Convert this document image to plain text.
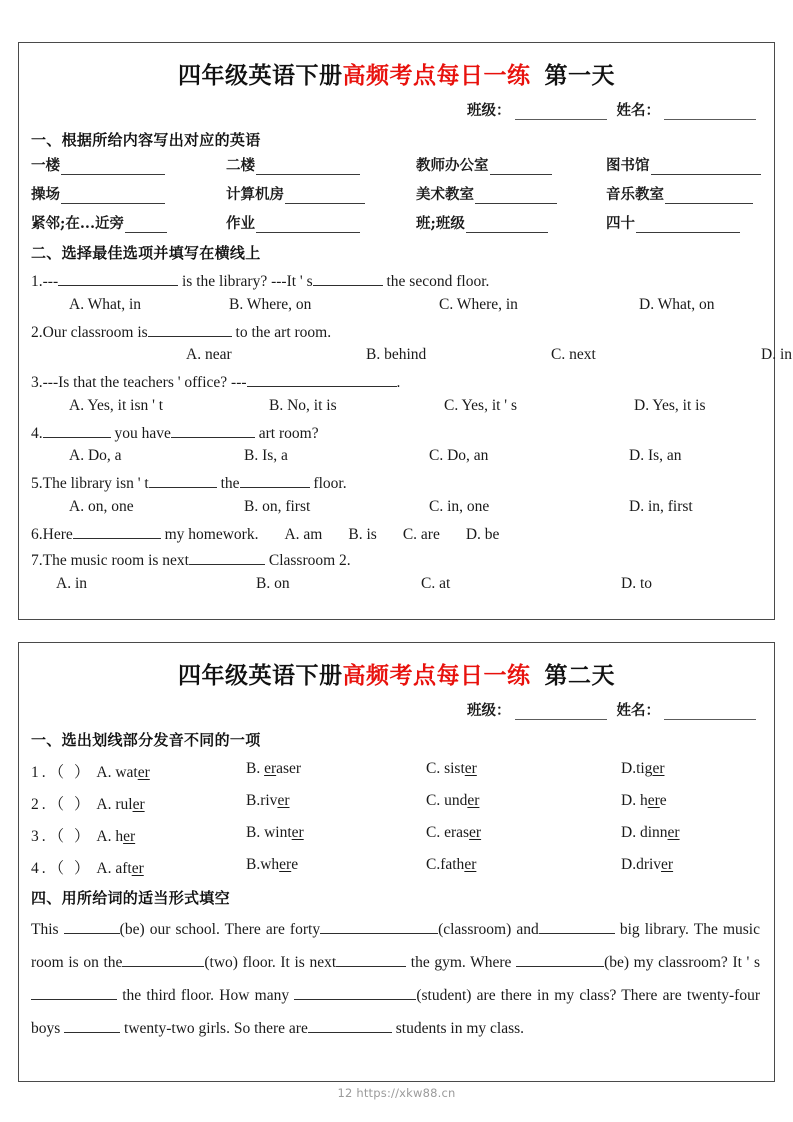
四年级英语下册高频考点每日一练 第一天
班级：	姓名：
一、根据所给内容写出对应的英语
一楼	二楼	教师办公室	图书馆
操场	计算机房	美术教室	音乐教室
紧邻;在...近旁	作业	班;班级	四十
二、选择最佳选项并填写在横线上
1.---	is the library? ---It ' s	the second floor.
A. What, in	B. Where, on	C. Where, in	D. What, on
2.Our classroom is	to the art room.
A. near	B. behind	C. next	D. in
3.---Is that the teachers ' office? ---	.
A. Yes, it isn ' t	B. No, it is	C. Yes, it ' s	D. Yes, it is
4.	you have	art room?
A. Do, a	B. Is, a	C. Do, an	D. Is, an
5.The library isn ' t	the	floor.
A. on, one	B. on, first	C. in, one	D. in, first
6.Here	my homework. A. am B. is C. are D. be
7.The music room is next	Classroom 2.
A. in	B. on	C. at	D. to
四年级英语下册高频考点每日一练 第二天
班级：	姓名：
一、选出划线部分发音不同的一项
1.（ ） A. water	B. eraser	C. sister	D.tiger
2.（ ） A. ruler	B.river	C. under	D. here
3.（ ） A. her	B. winter	C. eraser	D. dinner
4.（ ） A. after	B.where	C.father	D.driver
四、用所给词的适当形式填空
This	(be) our school. There are forty	(classroom) and	big library. The music room is on the	(two) floor. It is next	the gym. Where	(be) my classroom? It ' s the third floor. How many	(student) are there in my class? There are twenty-four boys	twenty-two girls. So there are	students in my class.
12 https://xkw88.cn
